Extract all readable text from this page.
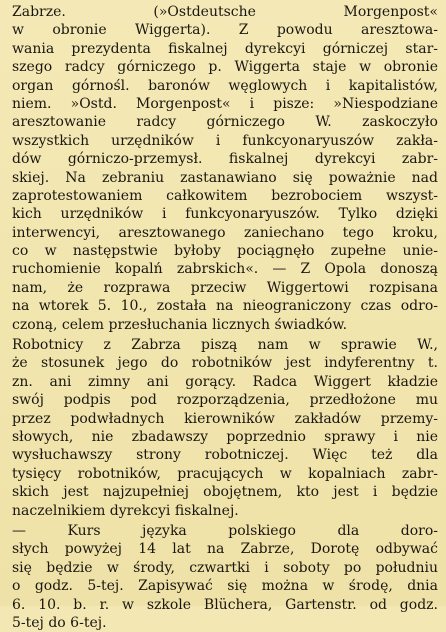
Zabrze. (»Ostdeutsche Morgenpost«
w obronie Wiggerta). Z powodu aresztowa-
wania prezydenta fiskalnej dyrekcyi górniczej star-
szego radcy górniczego p. Wiggerta staje w obronie
organ górnośl. baronów węglowych i kapitalistów,
niem. »Ostd. Morgenpost« i pisze: »Niespodziane
aresztowanie radcy górniczego W. zaskoczyło
wszystkich urzędników i funkcyonaryuszów zakła-
dów górniczo-przemysł. fiskalnej dyrekcyi zabr-
skiej. Na zebraniu zastanawiano się poważnie nad
zaprotestowaniem całkowitem bezrobociem wszyst-
kich urzędników i funkcyonaryuszów. Tylko dzięki
interwencyi, aresztowanego zaniechano tego kroku,
co w następstwie byłoby pociągnęło zupełne unie-
ruchomienie kopalń zabrskich«. — Z Opola donoszą
nam, że rozprawa przeciw Wiggertowi rozpisana
na wtorek 5. 10., została na nieograniczony czas odro-
czoną, celem przesłuchania licznych świadków.
Robotnicy z Zabrza piszą nam w sprawie W.,
że stosunek jego do robotników jest indyferentny t.
zn. ani zimny ani gorący. Radca Wiggert kładzie
swój podpis pod rozporządzenia, przedłożone mu
przez podwładnych kierowników zakładów przemy-
słowych, nie zbadawszy poprzednio sprawy i nie
wysłuchawszy strony robotniczej. Więc też dla
tysięcy robotników, pracujących w kopalniach zabr-
skich jest najzupełniej obojętnem, kto jest i będzie
naczelnikiem dyrekcyi fiskalnej.
— Kurs języka polskiego dla doro-
słych powyżej 14 lat na Zabrze, Dorotę odbywać
się będzie w środy, czwartki i soboty po południu
o godz. 5-tej. Zapisywać się można w środę, dnia
6. 10. b. r. w szkole Blüchera, Gartenstr. od godz.
5-tej do 6-tej.
